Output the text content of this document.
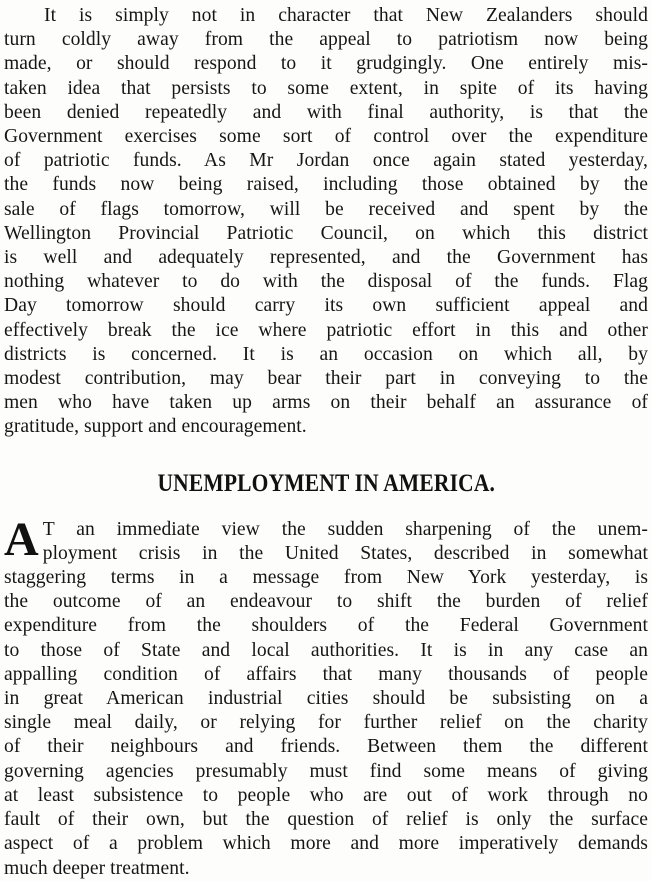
It is simply not in character that New Zealanders should
turn coldly away from the appeal to patriotism now being
made, or should respond to it grudgingly. One entirely mis-
taken idea that persists to some extent, in spite of its having
been denied repeatedly and with final authority, is that the
Government exercises some sort of control over the expenditure
of patriotic funds. As Mr Jordan once again stated yesterday,
the funds now being raised, including those obtained by the
sale of flags tomorrow, will be received and spent by the
Wellington Provincial Patriotic Council, on which this district
is well and adequately represented, and the Government has
nothing whatever to do with the disposal of the funds. Flag
Day tomorrow should carry its own sufficient appeal and
effectively break the ice where patriotic effort in this and other
districts is concerned. It is an occasion on which all, by
modest contribution, may bear their part in conveying to the
men who have taken up arms on their behalf an assurance of
gratitude, support and encouragement.
UNEMPLOYMENT IN AMERICA.
A T an immediate view the sudden sharpening of the unem-
ployment crisis in the United States, described in somewhat
staggering terms in a message from New York yesterday, is
the outcome of an endeavour to shift the burden of relief
expenditure from the shoulders of the Federal Government
to those of State and local authorities. It is in any case an
appalling condition of affairs that many thousands of people
in great American industrial cities should be subsisting on a
single meal daily, or relying for further relief on the charity
of their neighbours and friends. Between them the different
governing agencies presumably must find some means of giving
at least subsistence to people who are out of work through no
fault of their own, but the question of relief is only the surface
aspect of a problem which more and more imperatively demands
much deeper treatment.
